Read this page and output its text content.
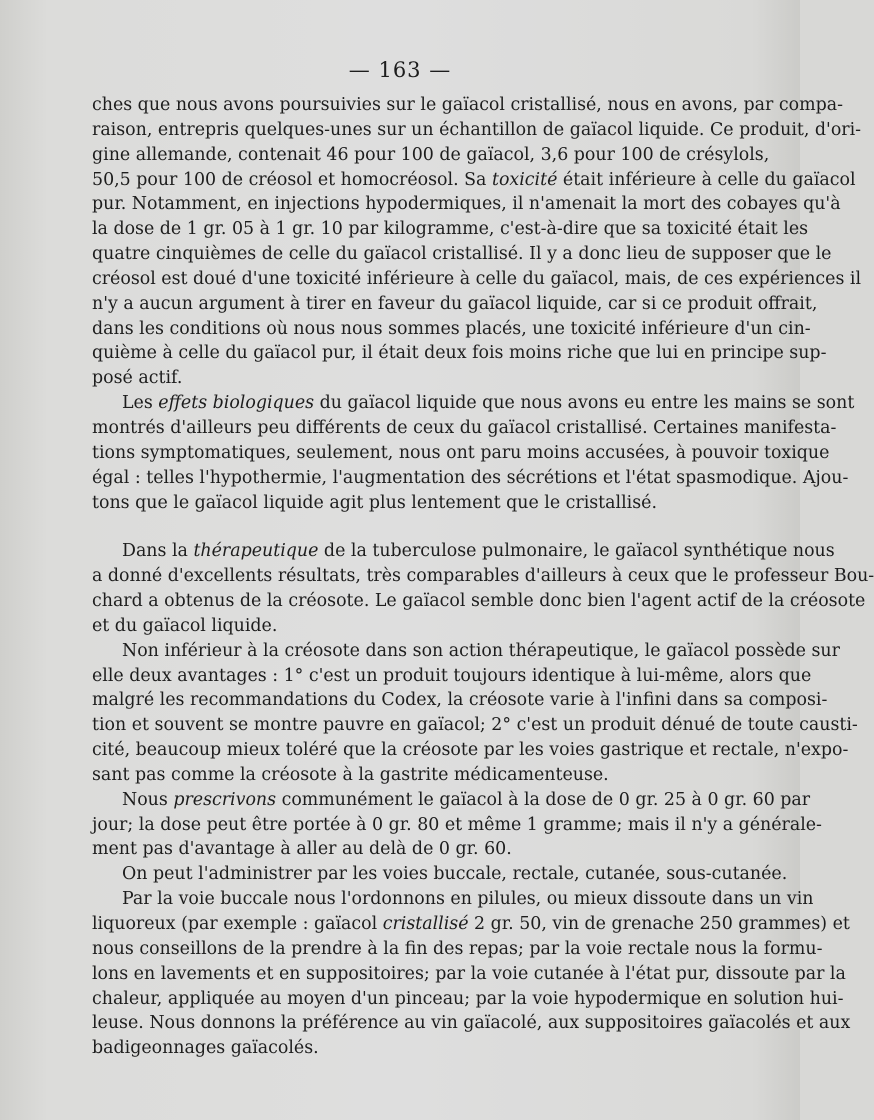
— 163 —
ches que nous avons poursuivies sur le gaïacol cristallisé, nous en avons, par compa-
raison, entrepris quelques-unes sur un échantillon de gaïacol liquide. Ce produit, d'ori-
gine allemande, contenait 46 pour 100 de gaïacol, 3,6 pour 100 de crésylols,
50,5 pour 100 de créosol et homocréosol. Sa toxicité était inférieure à celle du gaïacol
pur. Notamment, en injections hypodermiques, il n'amenait la mort des cobayes qu'à
la dose de 1 gr. 05 à 1 gr. 10 par kilogramme, c'est-à-dire que sa toxicité était les
quatre cinquièmes de celle du gaïacol cristallisé. Il y a donc lieu de supposer que le
créosol est doué d'une toxicité inférieure à celle du gaïacol, mais, de ces expériences il
n'y a aucun argument à tirer en faveur du gaïacol liquide, car si ce produit offrait,
dans les conditions où nous nous sommes placés, une toxicité inférieure d'un cin-
quième à celle du gaïacol pur, il était deux fois moins riche que lui en principe sup-
posé actif.
Les effets biologiques du gaïacol liquide que nous avons eu entre les mains se sont
montrés d'ailleurs peu différents de ceux du gaïacol cristallisé. Certaines manifesta-
tions symptomatiques, seulement, nous ont paru moins accusées, à pouvoir toxique
égal : telles l'hypothermie, l'augmentation des sécrétions et l'état spasmodique. Ajou-
tons que le gaïacol liquide agit plus lentement que le cristallisé.
Dans la thérapeutique de la tuberculose pulmonaire, le gaïacol synthétique nous
a donné d'excellents résultats, très comparables d'ailleurs à ceux que le professeur Bou-
chard a obtenus de la créosote. Le gaïacol semble donc bien l'agent actif de la créosote
et du gaïacol liquide.
Non inférieur à la créosote dans son action thérapeutique, le gaïacol possède sur
elle deux avantages : 1° c'est un produit toujours identique à lui-même, alors que
malgré les recommandations du Codex, la créosote varie à l'infini dans sa composi-
tion et souvent se montre pauvre en gaïacol; 2° c'est un produit dénué de toute causti-
cité, beaucoup mieux toléré que la créosote par les voies gastrique et rectale, n'expo-
sant pas comme la créosote à la gastrite médicamenteuse.
Nous prescrivons communément le gaïacol à la dose de 0 gr. 25 à 0 gr. 60 par
jour; la dose peut être portée à 0 gr. 80 et même 1 gramme; mais il n'y a générale-
ment pas d'avantage à aller au delà de 0 gr. 60.
On peut l'administrer par les voies buccale, rectale, cutanée, sous-cutanée.
Par la voie buccale nous l'ordonnons en pilules, ou mieux dissoute dans un vin
liquoreux (par exemple : gaïacol cristallisé 2 gr. 50, vin de grenache 250 grammes) et
nous conseillons de la prendre à la fin des repas; par la voie rectale nous la formu-
lons en lavements et en suppositoires; par la voie cutanée à l'état pur, dissoute par la
chaleur, appliquée au moyen d'un pinceau; par la voie hypodermique en solution hui-
leuse. Nous donnons la préférence au vin gaïacolé, aux suppositoires gaïacolés et aux
badigeonnages gaïacolés.
